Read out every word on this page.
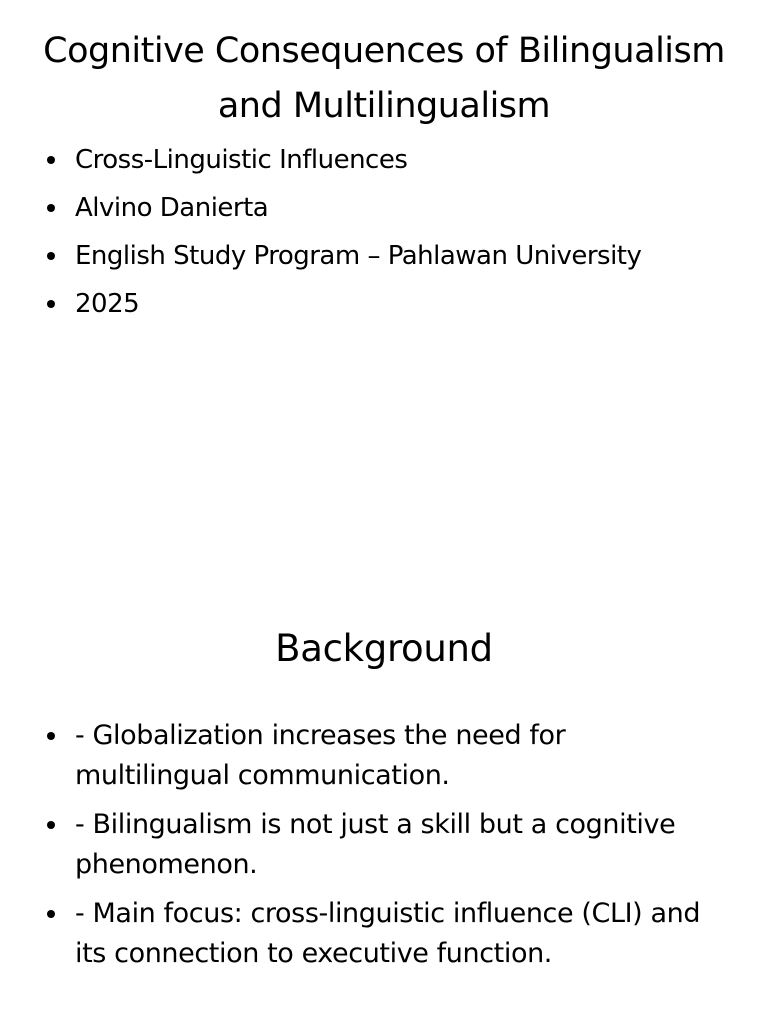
Cognitive Consequences of Bilingualism and Multilingualism
Cross-Linguistic Influences
Alvino Danierta
English Study Program – Pahlawan University
2025
Background
- Globalization increases the need for multilingual communication.
- Bilingualism is not just a skill but a cognitive phenomenon.
- Main focus: cross-linguistic influence (CLI) and its connection to executive function.
